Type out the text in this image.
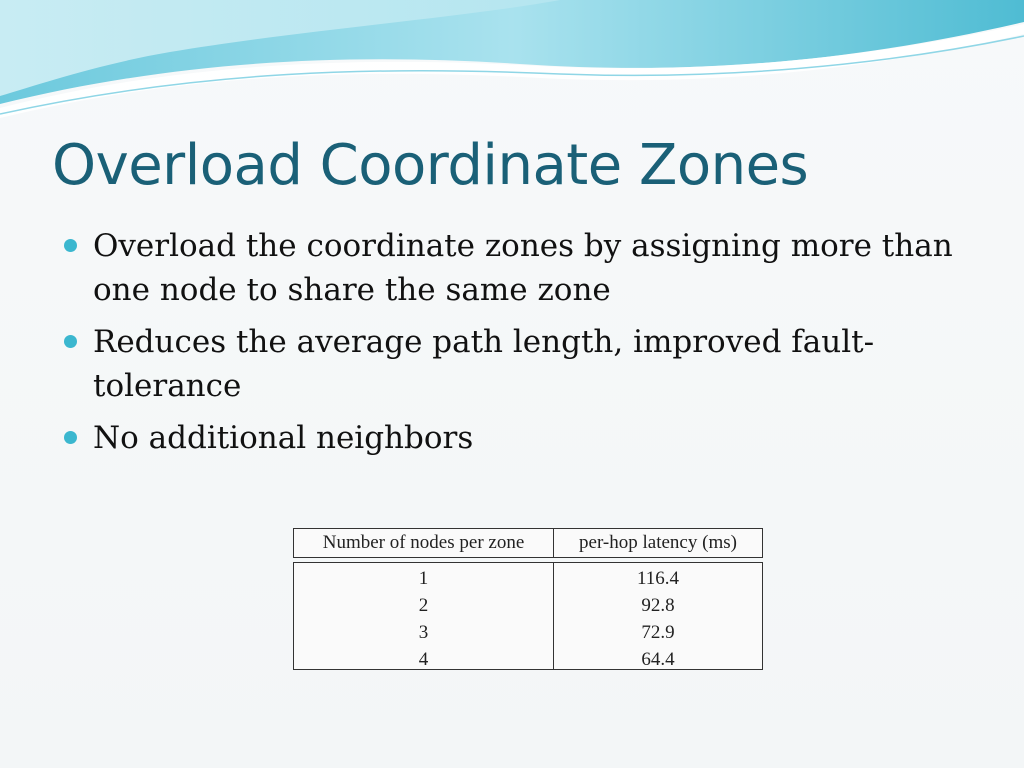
Overload Coordinate Zones
Overload the coordinate zones by assigning more than one node to share the same zone
Reduces the average path length, improved fault-tolerance
No additional neighbors
Number of nodes per zone	per-hop latency (ms)
1	116.4
2	92.8
3	72.9
4	64.4
